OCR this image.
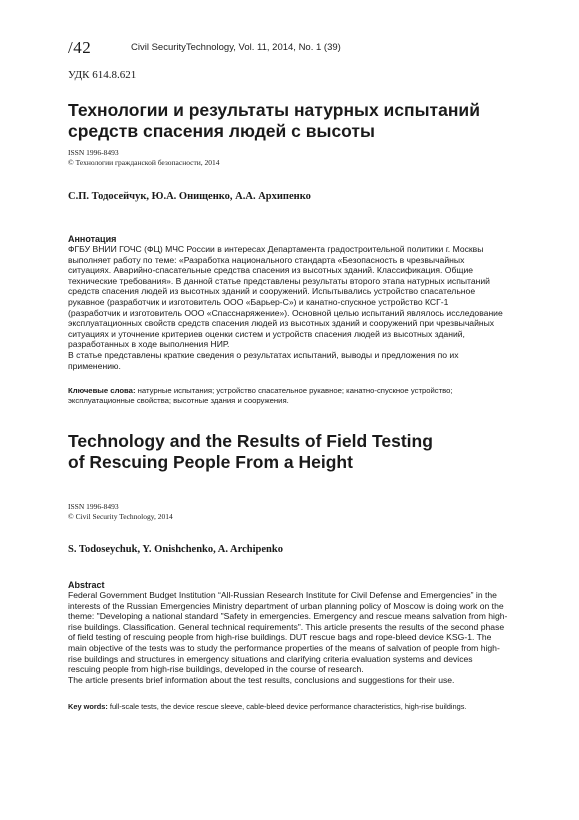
/42	Civil SecurityTechnology, Vol. 11, 2014, No. 1 (39)
УДК 614.8.621

Технологии и результаты натурных испытаний

средств спасения людей с высоты

ISSN 1996-8493

© Технологии гражданской безопасности, 2014

С.П. Тодосейчук, Ю.А. Онищенко, А.А. Архипенко
Аннотация

ФГБУ ВНИИ ГОЧС (ФЦ) МЧС России в интересах Департамента градостроительной политики г. Москвы

выполняет работу по теме: «Разработка национального стандарта «Безопасность в чрезвычайных

ситуациях. Аварийно-спасательные средства спасения из высотных зданий. Классификация. Общие

технические требования». В данной статье представлены результаты второго этапа натурных испытаний

средств спасения людей из высотных зданий и сооружений. Испытывались устройство спасательное

рукавное (разработчик и изготовитель ООО «Барьер-С») и канатно-спускное устройство КСГ-1

(разработчик и изготовитель ООО «Спасснаряжение»). Основной целью испытаний являлось исследование

эксплуатационных свойств средств спасения людей из высотных зданий и сооружений при чрезвычайных

ситуациях и уточнение критериев оценки систем и устройств спасения людей из высотных зданий,

разработанных в ходе выполнения НИР.

В статье представлены краткие сведения о результатах испытаний, выводы и предложения по их

применению.

Ключевые слова: натурные испытания; устройство спасательное рукавное; канатно-спускное устройство;

эксплуатационные свойства; высотные здания и сооружения.

Technology and the Results of Field Testing

of Rescuing People From a Height

ISSN 1996-8493

© Civil Security Technology, 2014

S. Todoseychuk, Y. Onishchenko, A. Archipenko
Abstract

Federal Government Budget Institution “All-Russian Research Institute for Civil Defense and Emergencies” in the

interests of the Russian Emergencies Ministry department of urban planning policy of Moscow is doing work on the

theme: "Developing a national standard "Safety in emergencies. Emergency and rescue means salvation from high-

rise buildings. Classification. General technical requirements". This article presents the results of the second phase

of field testing of rescuing people from high-rise buildings. DUT rescue bags and rope-bleed device KSG-1. The

main objective of the tests was to study the performance properties of the means of salvation of people from high-

rise buildings and structures in emergency situations and clarifying criteria evaluation systems and devices

rescuing people from high-rise buildings, developed in the course of research.

The article presents brief information about the test results, conclusions and suggestions for their use.

Key words: full-scale tests, the device rescue sleeve, cable-bleed device performance characteristics, high-rise buildings.
